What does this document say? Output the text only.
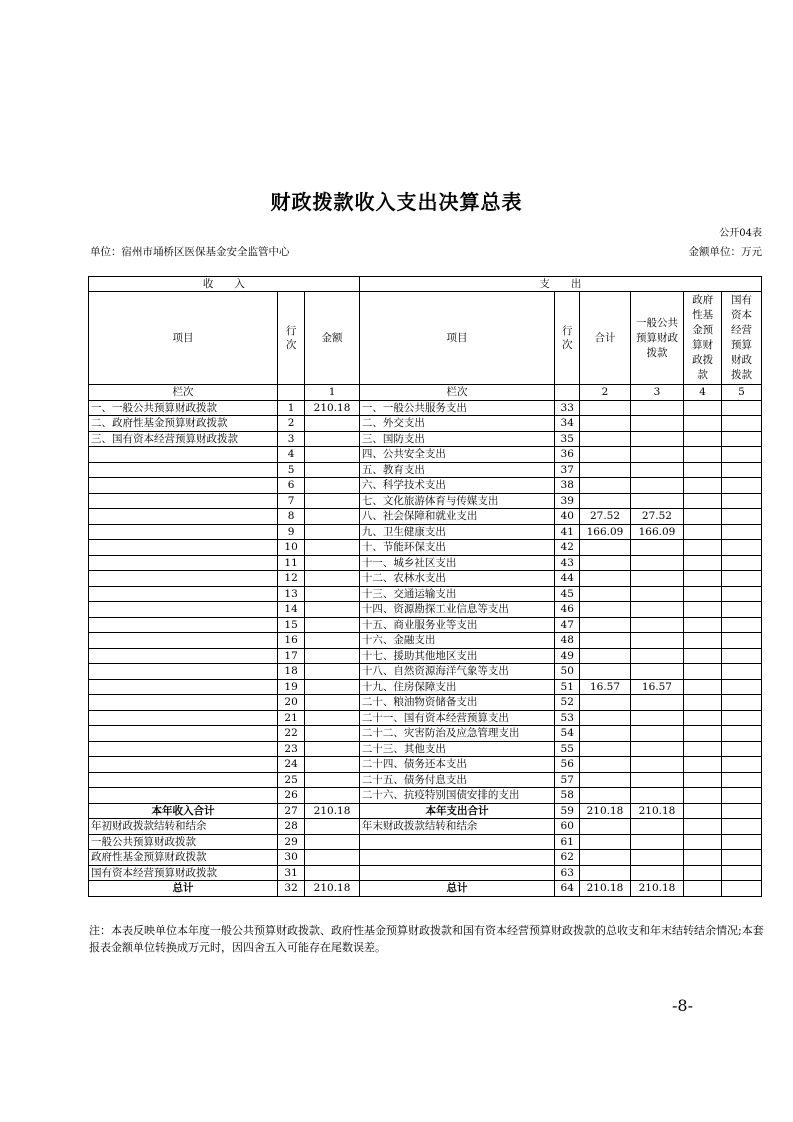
财政拨款收入支出决算总表
公开04表
单位：宿州市埇桥区医保基金安全监管中心	金额单位：万元
收　　入			支　　出					
项目	行次	金额	项目	行次	合计	一般公共预算财政拨款	政府性基金预算财政拨款	国有资本经营预算财政拨款
栏次		1	栏次		2	3	4	5
一、一般公共预算财政拨款	1	210.18	一、一般公共服务支出	33				
二、政府性基金预算财政拨款	2		二、外交支出	34				
三、国有资本经营预算财政拨款	3		三、国防支出	35				
	4		四、公共安全支出	36				
	5		五、教育支出	37				
	6		六、科学技术支出	38				
	7		七、文化旅游体育与传媒支出	39				
	8		八、社会保障和就业支出	40	27.52	27.52		
	9		九、卫生健康支出	41	166.09	166.09		
	10		十、节能环保支出	42				
	11		十一、城乡社区支出	43				
	12		十二、农林水支出	44				
	13		十三、交通运输支出	45				
	14		十四、资源勘探工业信息等支出	46				
	15		十五、商业服务业等支出	47				
	16		十六、金融支出	48				
	17		十七、援助其他地区支出	49				
	18		十八、自然资源海洋气象等支出	50				
	19		十九、住房保障支出	51	16.57	16.57		
	20		二十、粮油物资储备支出	52				
	21		二十一、国有资本经营预算支出	53				
	22		二十二、灾害防治及应急管理支出	54				
	23		二十三、其他支出	55				
	24		二十四、债务还本支出	56				
	25		二十五、债务付息支出	57				
	26		二十六、抗疫特别国债安排的支出	58				
本年收入合计	27	210.18	本年支出合计	59	210.18	210.18		
年初财政拨款结转和结余	28		年末财政拨款结转和结余	60				
一般公共预算财政拨款	29			61				
政府性基金预算财政拨款	30			62				
国有资本经营预算财政拨款	31			63				
总计	32	210.18	总计	64	210.18	210.18		
注：本表反映单位本年度一般公共预算财政拨款、政府性基金预算财政拨款和国有资本经营预算财政拨款的总收支和年末结转结余情况;本套报表金额单位转换成万元时，因四舍五入可能存在尾数误差。
-8-
